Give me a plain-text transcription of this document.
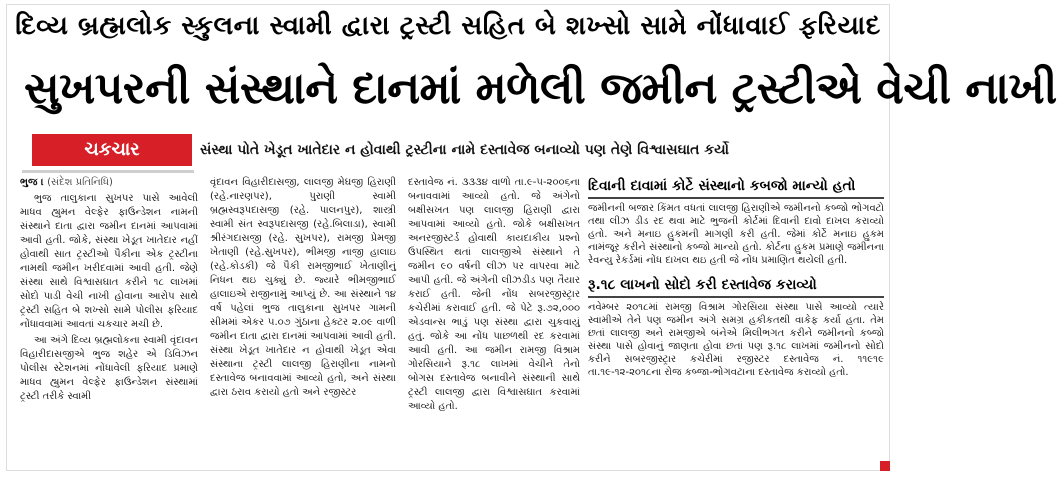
દિવ્ય બ્રહ્મલોક સ્કુલના સ્વામી દ્વારા ટ્રસ્ટી સહિત બે શખ્સો સામે નોંધાવાઈ ફરિયાદ
સુખપરની સંસ્થાને દાનમાં મળેલી જમીન ટ્રસ્ટીએ વેચી નાખી
ચકચાર	સંસ્થા પોતે ખેડૂત ખાતેદાર ન હોવાથી ટ્રસ્ટીના નામે દસ્તાવેજ બનાવ્યો પણ તેણે વિશ્વાસઘાત કર્યો
ભુજ । (સંદેશ પ્રતિનિધિ)

ભુજ તાલુકાના સુખપર પાસે આવેલી માધવ હ્યુમન વેલ્ફેર ફાઉન્ડેશન નામની સંસ્થાને દાતા દ્વારા જમીન દાનમાં આપવામાં આવી હતી. જોકે, સંસ્થા ખેડૂત ખાતેદાર નહીં હોવાથી સાત ટ્રસ્ટીઓ પૈકીના એક ટ્રસ્ટીના નામથી જમીન ખરીદવામાં આવી હતી. જેણે સંસ્થા સાથે વિશ્વાસઘાત કરીને ૧૮ લાખમાં સોદો પાડી વેચી નાખી હોવાના આરોપ સાથે ટ્રસ્ટી સહિત બે શખ્સો સામે પોલીસ ફરિયાદ નોંધાવવામાં આવતાં ચકચાર મચી છે.

આ અંગે દિવ્ય બ્રહ્મલોકના સ્વામી વૃંદાવન વિહારીદાસજીએ ભુજ શહેર એ ડિવિઝન પોલીસ સ્ટેશનમાં નોંધાવેલી ફરિયાદ પ્રમાણે માધવ હ્યુમન વેલ્ફેર ફાઉન્ડેશન સંસ્થામાં ટ્રસ્ટી તરીકે સ્વામી

વૃંદાવન વિહારીદાસજી, લાલજી મેઘજી હિરાણી (રહે.નારણપર), પુરાણી સ્વામી બ્રહ્મસ્વરૂપદાસજી (રહે. પાલનપુર), શાસ્ત્રી સ્વામી સંત સ્વરૂપદાસજી (રહે.બિલાડા), સ્વામી શ્રીરંગદાસજી (રહે. સુખપર), રામજી પ્રેમજી ખેતાણી (રહે.સુખપર), ભીમજી નાજી હાલાઇ (રહે.કોડકી) જે પૈકી રામજીભાઈ ખેતાણીનું નિધન થઇ ચુક્યું છે. જ્યારે ભીમજીભાઈ હાલાઇએ રાજીનામું આપ્યું છે. આ સંસ્થાને ૧૪ વર્ષ પહેલાં ભુજ તાલુકાના સુખપર ગામની સીમમાં એકર ૫.૦૭ ગુંઠાના હેક્ટર ૨.૦૯ વાળી જમીન દાતા દ્વારા દાનમાં આપવામાં આવી હતી. સંસ્થા ખેડૂત ખાતેદાર ન હોવાથી ખેડૂત એવા સંસ્થાના ટ્રસ્ટી લાલજી હિરાણીના નામનો દસ્તાવેજ બનાવવામાં આવ્યો હતો, અને સંસ્થા દ્વારા ઠરાવ કરાયો હતો અને રજીસ્ટર

દસ્તાવેજ નં. ૩૩૩૪ વાળો તા.૯-૫-૨૦૦૬ના બનાવવામાં આવ્યો હતો. જે અંગેનો બક્ષીસખત પણ લાલજી હિરાણી દ્વારા આપવામાં આવ્યો હતો. જોકે બક્ષીસખત અનરજીસ્ટર્ડ હોવાથી કાયદાકીય પ્રશ્નો ઉપસ્થિત થતાં લાલજીએ સંસ્થાને તે જમીન ૯૦ વર્ષની લીઝ પર વાપરવા માટે આપી હતી. જે અંગેની લીઝડીડ પણ તૈયાર કરાઈ હતી. જેની નોંધ સબરજીસ્ટ્રાર કચેરીમાં કરાવાઈ હતી. જે પેટે રૂ.૭૨,૦૦૦ એડવાન્સ ભાડું પણ સંસ્થા દ્વારા ચુકવાયું હતું. જોકે આ નોંધ પાછળથી રદ કરવામાં આવી હતી. આ જમીન રામજી વિશ્રામ ગોરસિયાને રૂ.૧૮ લાખમાં વેચીને તેનો બોગસ દસ્તાવેજ બનાવીને સંસ્થાની સાથે ટ્રસ્ટી લાલજી દ્વારા વિશ્વાસઘાત કરવામાં આવ્યો હતો.

દિવાની દાવામાં કોર્ટે સંસ્થાનો કબજો માન્યો હતો
જમીનની બજાર કિંમત વધતાં લાલજી હિરાણીએ જમીનનો કબ્જો ભોગવટો તથા લીઝ ડીડ રદ થવા માટે ભુજની કોર્ટમાં દિવાની દાવો દાખલ કરાવ્યો હતો. અને મનાઇ હુકમની માગણી કરી હતી. જેમાં કોર્ટે મનાઇ હુકમ નામંજૂર કરીને સંસ્થાનો કબ્જો માન્યો હતો. કોર્ટના હુકમ પ્રમાણે જમીનના રેવન્યુ રેકર્ડમાં નોંધ દાખલ થઇ હતી જે નોંધ પ્રમાણિત થયેલી હતી.
રૂ.૧૮ લાખનો સોદો કરી દસ્તાવેજ કરાવ્યો
નવેમ્બર ૨૦૧૮માં રામજી વિશ્રામ ગોરસિયા સંસ્થા પાસે આવ્યો ત્યારે સ્વામીએ તેને પણ જમીન અંગે સમગ્ર હકીકતથી વાકેફ કર્યા હતા. તેમ છતાં લાલજી અને રામજીએ બંનેએ મિલીભગત કરીને જમીનનો કબ્જો સંસ્થા પાસે હોવાનું જાણતા હોવા છતાં પણ રૂ.૧૮ લાખમાં જમીનનો સોદો કરીને સબરજીસ્ટ્રાર કચેરીમાં રજીસ્ટર દસ્તાવેજ નં. ૧૧૯૧૯ તા.૧૯-૧૨-૨૦૧૮ના રોજ કબ્જા-ભોગવટાના દસ્તાવેજ કરાવ્યો હતો.
